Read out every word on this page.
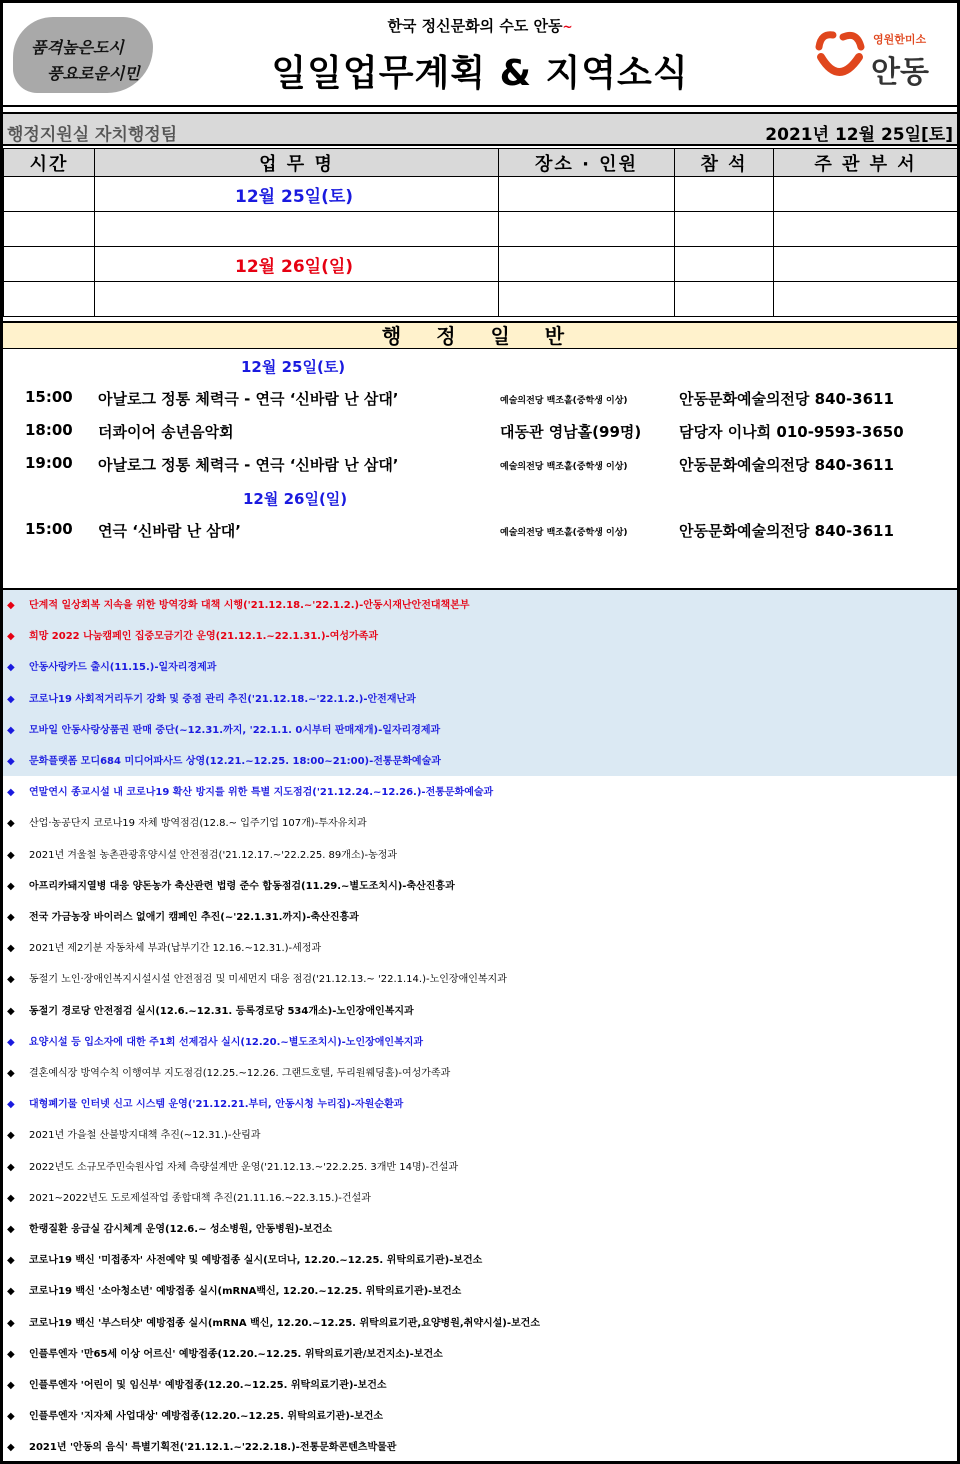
품격높은도시
풍요로운시민
한국 정신문화의 수도 안동~
일일업무계획 & 지역소식
영원한미소
안동
행정지원실 자치행정팀	2021년 12월 25일[토]
시간	업 무 명	장소 · 인원	참 석	주 관 부 서
	12월 25일(토)			

	12월 26일(일)			

행 정 일 반
12월 25일(토)
15:00 아날로그 정통 체력극 - 연극 ‘신바람 난 삼대’	예술의전당 백조홀(중학생 이상)	안동문화예술의전당 840-3611
18:00 더콰이어 송년음악회	대동관 영남홀(99명)	담당자 이나희 010-9593-3650
19:00 아날로그 정통 체력극 - 연극 ‘신바람 난 삼대’	예술의전당 백조홀(중학생 이상)	안동문화예술의전당 840-3611
12월 26일(일)
15:00 연극 ‘신바람 난 삼대’	예술의전당 백조홀(중학생 이상)	안동문화예술의전당 840-3611
◆ 단계적 일상회복 지속을 위한 방역강화 대책 시행('21.12.18.~'22.1.2.)-안동시재난안전대책본부
◆ 희망 2022 나눔캠페인 집중모금기간 운영(21.12.1.~22.1.31.)-여성가족과
◆ 안동사랑카드 출시(11.15.)-일자리경제과
◆ 코로나19 사회적거리두기 강화 및 중점 관리 추진('21.12.18.~'22.1.2.)-안전재난과
◆ 모바일 안동사랑상품권 판매 중단(~12.31.까지, '22.1.1. 0시부터 판매재개)-일자리경제과
◆ 문화플랫폼 모디684 미디어파사드 상영(12.21.~12.25. 18:00~21:00)-전통문화예술과
◆ 연말연시 종교시설 내 코로나19 확산 방지를 위한 특별 지도점검('21.12.24.~12.26.)-전통문화예술과
◆ 산업·농공단지 코로나19 자체 방역점검(12.8.~ 입주기업 107개)-투자유치과
◆ 2021년 겨울철 농촌관광휴양시설 안전점검('21.12.17.~'22.2.25. 89개소)-농정과
◆ 아프리카돼지열병 대응 양돈농가 축산관련 법령 준수 합동점검(11.29.~별도조치시)-축산진흥과
◆ 전국 가금농장 바이러스 없애기 캠페인 추진(~'22.1.31.까지)-축산진흥과
◆ 2021년 제2기분 자동차세 부과(납부기간 12.16.~12.31.)-세정과
◆ 동절기 노인·장애인복지시설시설 안전점검 및 미세먼지 대응 점검('21.12.13.~ '22.1.14.)-노인장애인복지과
◆ 동절기 경로당 안전점검 실시(12.6.~12.31. 등록경로당 534개소)-노인장애인복지과
◆ 요양시설 등 입소자에 대한 주1회 선제검사 실시(12.20.~별도조치시)-노인장애인복지과
◆ 결혼예식장 방역수칙 이행여부 지도점검(12.25.~12.26. 그랜드호텔, 두리원웨딩홀)-여성가족과
◆ 대형폐기물 인터넷 신고 시스템 운영('21.12.21.부터, 안동시청 누리집)-자원순환과
◆ 2021년 가을철 산불방지대책 추진(~12.31.)-산림과
◆ 2022년도 소규모주민숙원사업 자체 측량설계반 운영('21.12.13.~'22.2.25. 3개반 14명)-건설과
◆ 2021~2022년도 도로제설작업 종합대책 추진(21.11.16.~22.3.15.)-건설과
◆ 한랭질환 응급실 감시체계 운영(12.6.~ 성소병원, 안동병원)-보건소
◆ 코로나19 백신 '미접종자' 사전예약 및 예방접종 실시(모더나, 12.20.~12.25. 위탁의료기관)-보건소
◆ 코로나19 백신 '소아청소년' 예방접종 실시(mRNA백신, 12.20.~12.25. 위탁의료기관)-보건소
◆ 코로나19 백신 '부스터샷' 예방접종 실시(mRNA 백신, 12.20.~12.25. 위탁의료기관,요양병원,취약시설)-보건소
◆ 인플루엔자 '만65세 이상 어르신' 예방접종(12.20.~12.25. 위탁의료기관/보건지소)-보건소
◆ 인플루엔자 '어린이 및 임신부' 예방접종(12.20.~12.25. 위탁의료기관)-보건소
◆ 인플루엔자 '지자체 사업대상' 예방접종(12.20.~12.25. 위탁의료기관)-보건소
◆ 2021년 '안동의 음식' 특별기획전('21.12.1.~'22.2.18.)-전통문화콘텐츠박물관
